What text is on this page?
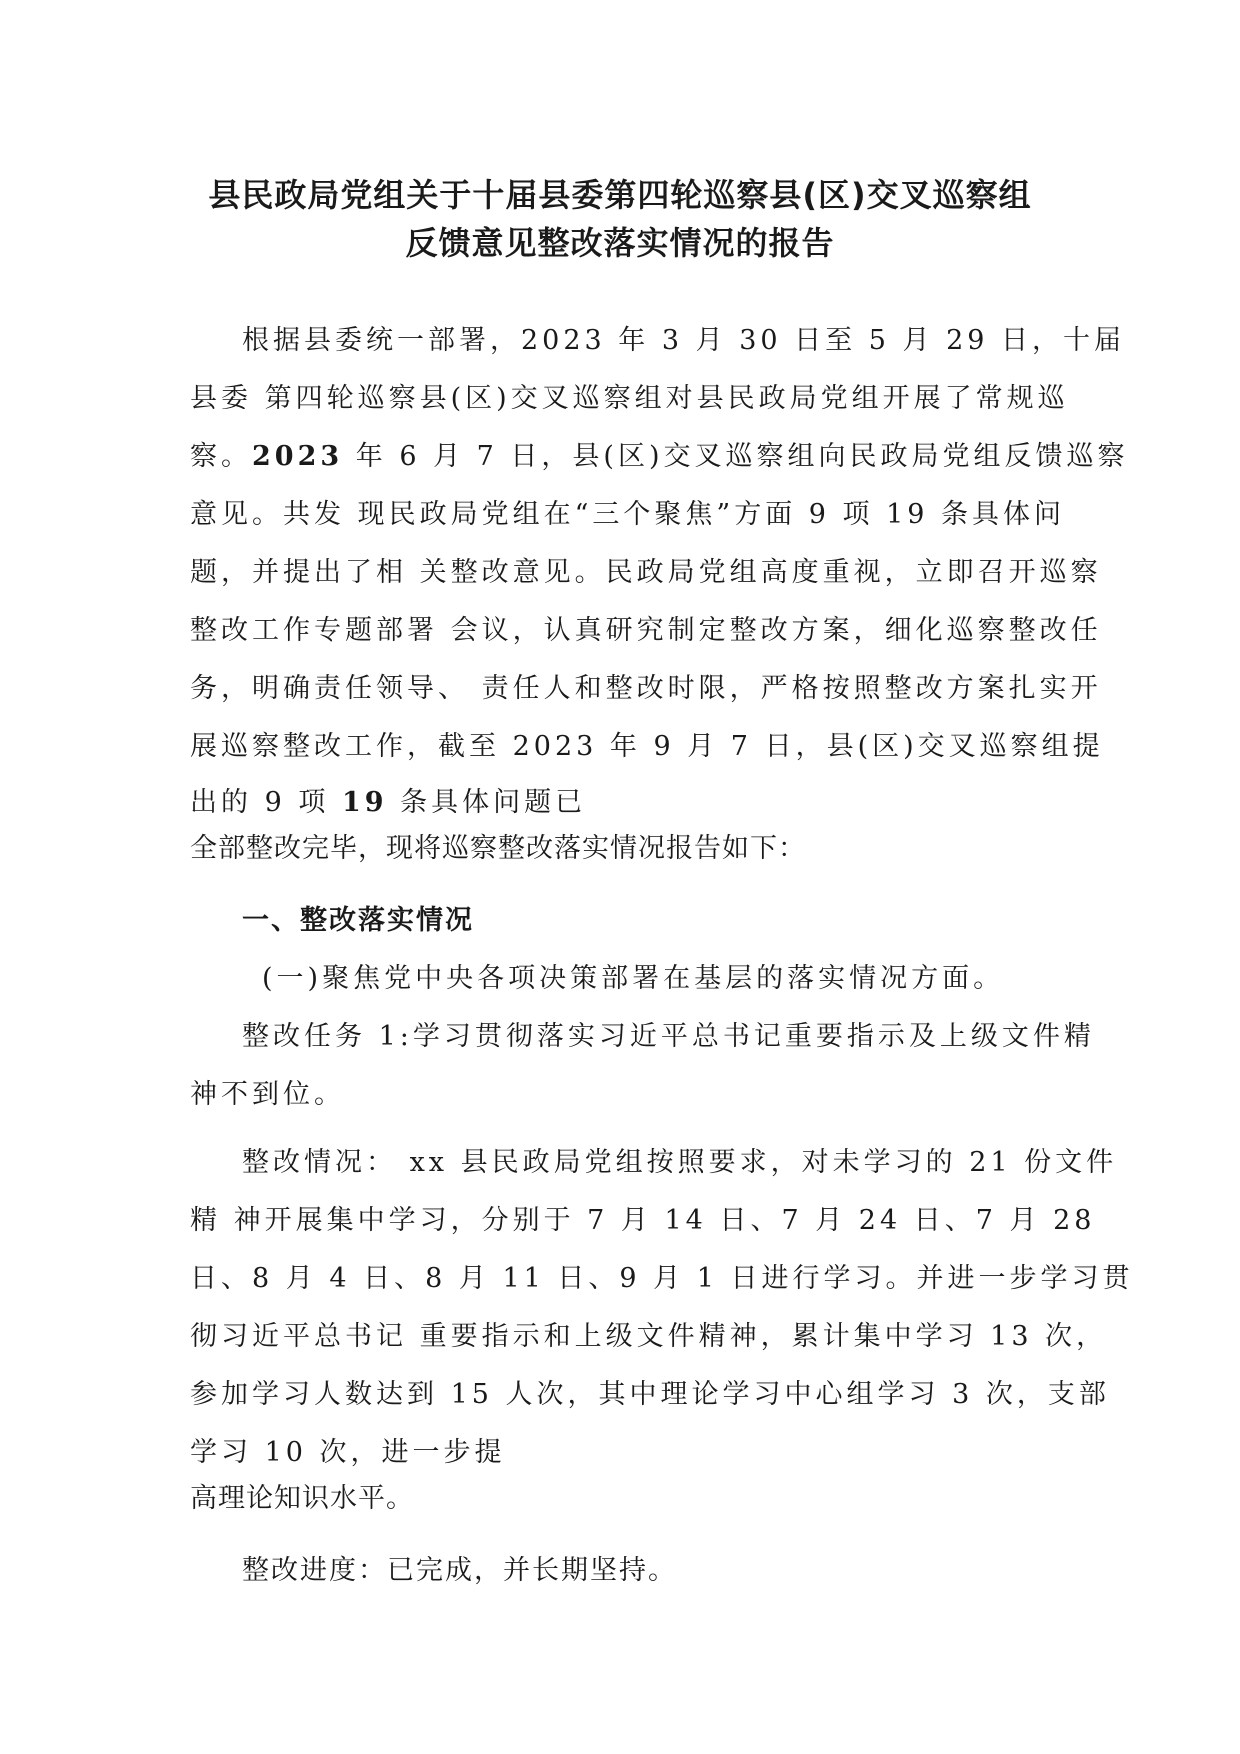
县民政局党组关于十届县委第四轮巡察县(区)交叉巡察组
反馈意见整改落实情况的报告
根据县委统一部署，2023 年 3 月 30 日至 5 月 29 日，十届
县委 第四轮巡察县(区)交叉巡察组对县民政局党组开展了常规巡
察。2023 年 6 月 7 日，县(区)交叉巡察组向民政局党组反馈巡察
意见。共发 现民政局党组在“三个聚焦”方面 9 项 19 条具体问
题，并提出了相 关整改意见。民政局党组高度重视，立即召开巡察
整改工作专题部署 会议，认真研究制定整改方案，细化巡察整改任
务，明确责任领导、 责任人和整改时限，严格按照整改方案扎实开
展巡察整改工作，截至 2023 年 9 月 7 日，县(区)交叉巡察组提
出的 9 项 19 条具体问题已
全部整改完毕，现将巡察整改落实情况报告如下：
一、整改落实情况
(一)聚焦党中央各项决策部署在基层的落实情况方面。
整改任务 1:学习贯彻落实习近平总书记重要指示及上级文件精
神不到位。
整改情况： xx 县民政局党组按照要求，对未学习的 21 份文件
精 神开展集中学习，分别于 7 月 14 日、7 月 24 日、7 月 28
日、8 月 4 日、8 月 11 日、9 月 1 日进行学习。并进一步学习贯
彻习近平总书记 重要指示和上级文件精神，累计集中学习 13 次，
参加学习人数达到 15 人次，其中理论学习中心组学习 3 次，支部
学习 10 次，进一步提
高理论知识水平。
整改进度：已完成，并长期坚持。
